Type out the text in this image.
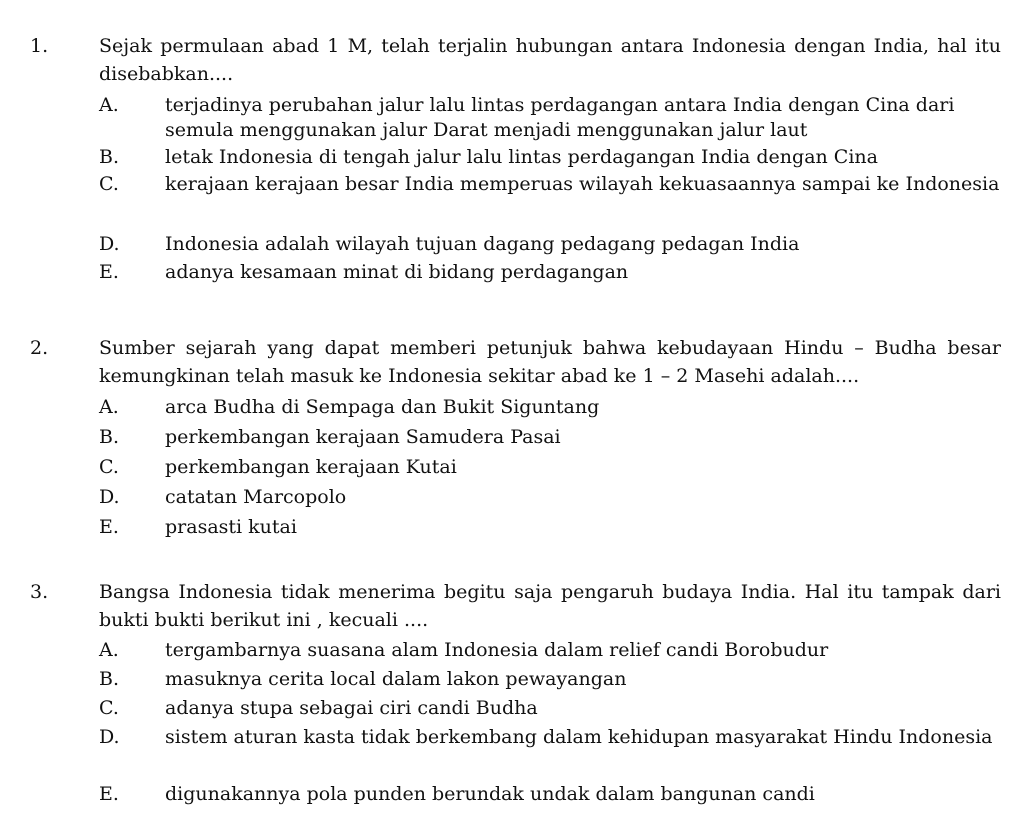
1.	Sejak permulaan abad 1 M, telah terjalin hubungan antara Indonesia dengan India, hal itu disebabkan....
A. terjadinya perubahan jalur lalu lintas perdagangan antara India dengan Cina dari semula menggunakan jalur Darat menjadi menggunakan jalur laut
B. letak Indonesia di tengah jalur lalu lintas perdagangan India dengan Cina
C. kerajaan kerajaan besar India memperuas wilayah kekuasaannya sampai ke Indonesia
D. Indonesia adalah wilayah tujuan dagang pedagang pedagan India
E. adanya kesamaan minat di bidang perdagangan
2.	Sumber sejarah yang dapat memberi petunjuk bahwa kebudayaan Hindu – Budha besar kemungkinan telah masuk ke Indonesia sekitar abad ke 1 – 2 Masehi adalah....
A. arca Budha di Sempaga dan Bukit Siguntang
B. perkembangan kerajaan Samudera Pasai
C. perkembangan kerajaan Kutai
D. catatan Marcopolo
E. prasasti kutai
3.	Bangsa Indonesia tidak menerima begitu saja pengaruh budaya India. Hal itu tampak dari bukti bukti berikut ini , kecuali ....
A. tergambarnya suasana alam Indonesia dalam relief candi Borobudur
B. masuknya cerita local dalam lakon pewayangan
C. adanya stupa sebagai ciri candi Budha
D. sistem aturan kasta tidak berkembang dalam kehidupan masyarakat Hindu Indonesia
E. digunakannya pola punden berundak undak dalam bangunan candi
